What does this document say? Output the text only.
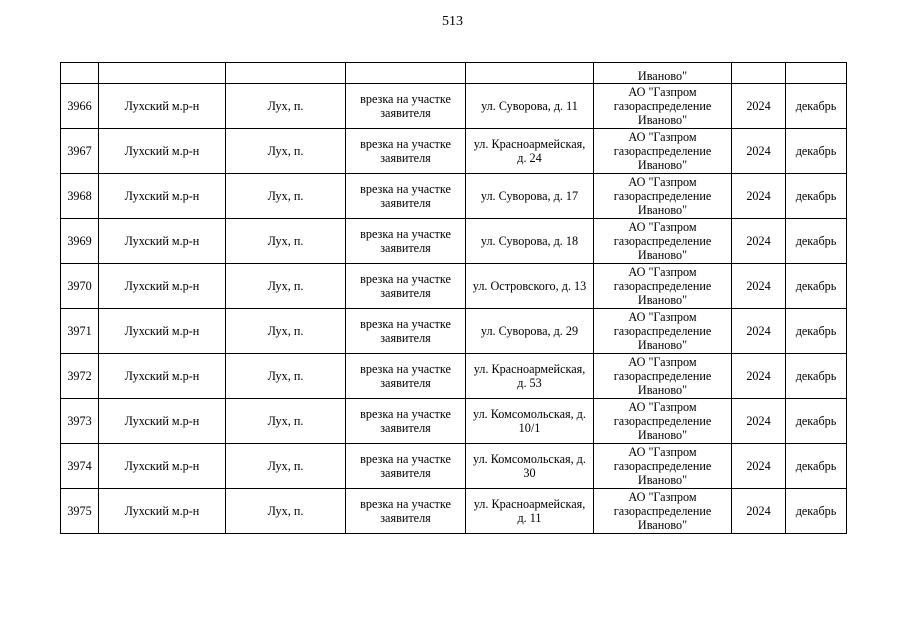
513
					Иваново"		
3966	Лухский м.р-н	Лух, п.	врезка на участке заявителя	ул. Суворова, д. 11	АО "Газпром газораспределение Иваново"	2024	декабрь
3967	Лухский м.р-н	Лух, п.	врезка на участке заявителя	ул. Красноармейская, д. 24	АО "Газпром газораспределение Иваново"	2024	декабрь
3968	Лухский м.р-н	Лух, п.	врезка на участке заявителя	ул. Суворова, д. 17	АО "Газпром газораспределение Иваново"	2024	декабрь
3969	Лухский м.р-н	Лух, п.	врезка на участке заявителя	ул. Суворова, д. 18	АО "Газпром газораспределение Иваново"	2024	декабрь
3970	Лухский м.р-н	Лух, п.	врезка на участке заявителя	ул. Островского, д. 13	АО "Газпром газораспределение Иваново"	2024	декабрь
3971	Лухский м.р-н	Лух, п.	врезка на участке заявителя	ул. Суворова, д. 29	АО "Газпром газораспределение Иваново"	2024	декабрь
3972	Лухский м.р-н	Лух, п.	врезка на участке заявителя	ул. Красноармейская, д. 53	АО "Газпром газораспределение Иваново"	2024	декабрь
3973	Лухский м.р-н	Лух, п.	врезка на участке заявителя	ул. Комсомольская, д. 10/1	АО "Газпром газораспределение Иваново"	2024	декабрь
3974	Лухский м.р-н	Лух, п.	врезка на участке заявителя	ул. Комсомольская, д. 30	АО "Газпром газораспределение Иваново"	2024	декабрь
3975	Лухский м.р-н	Лух, п.	врезка на участке заявителя	ул. Красноармейская, д. 11	АО "Газпром газораспределение Иваново"	2024	декабрь
